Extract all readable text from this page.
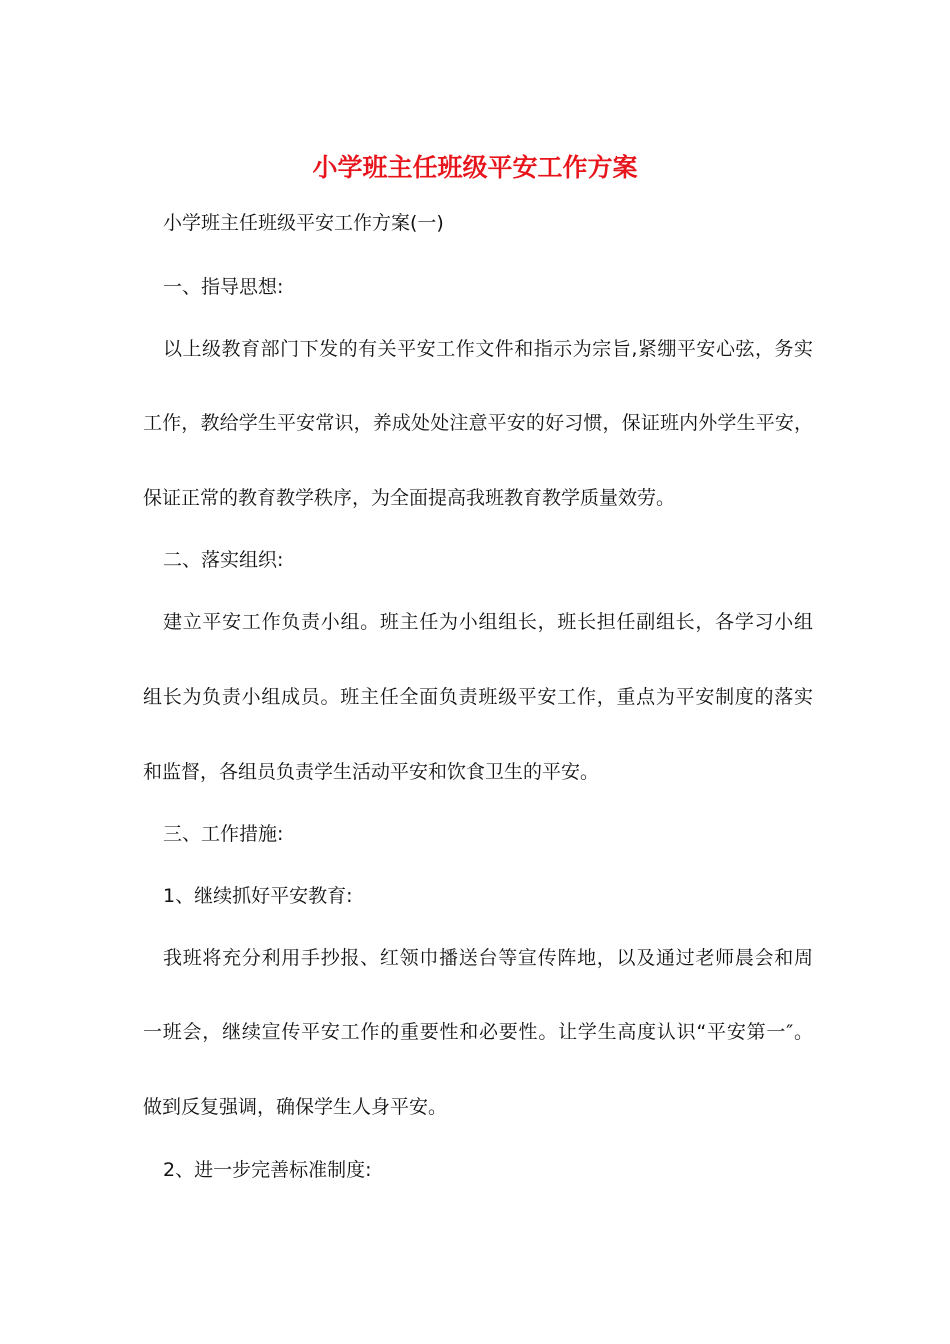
小学班主任班级平安工作方案
小学班主任班级平安工作方案(一)
一、指导思想:
以上级教育部门下发的有关平安工作文件和指示为宗旨,紧绷平安心弦，务实
工作，教给学生平安常识，养成处处注意平安的好习惯，保证班内外学生平安，
保证正常的教育教学秩序，为全面提高我班教育教学质量效劳。
二、落实组织:
建立平安工作负责小组。班主任为小组组长，班长担任副组长，各学习小组
组长为负责小组成员。班主任全面负责班级平安工作，重点为平安制度的落实
和监督，各组员负责学生活动平安和饮食卫生的平安。
三、工作措施:
1、继续抓好平安教育:
我班将充分利用手抄报、红领巾播送台等宣传阵地，以及通过老师晨会和周
一班会，继续宣传平安工作的重要性和必要性。让学生高度认识“平安第一″。
做到反复强调，确保学生人身平安。
2、进一步完善标准制度:
